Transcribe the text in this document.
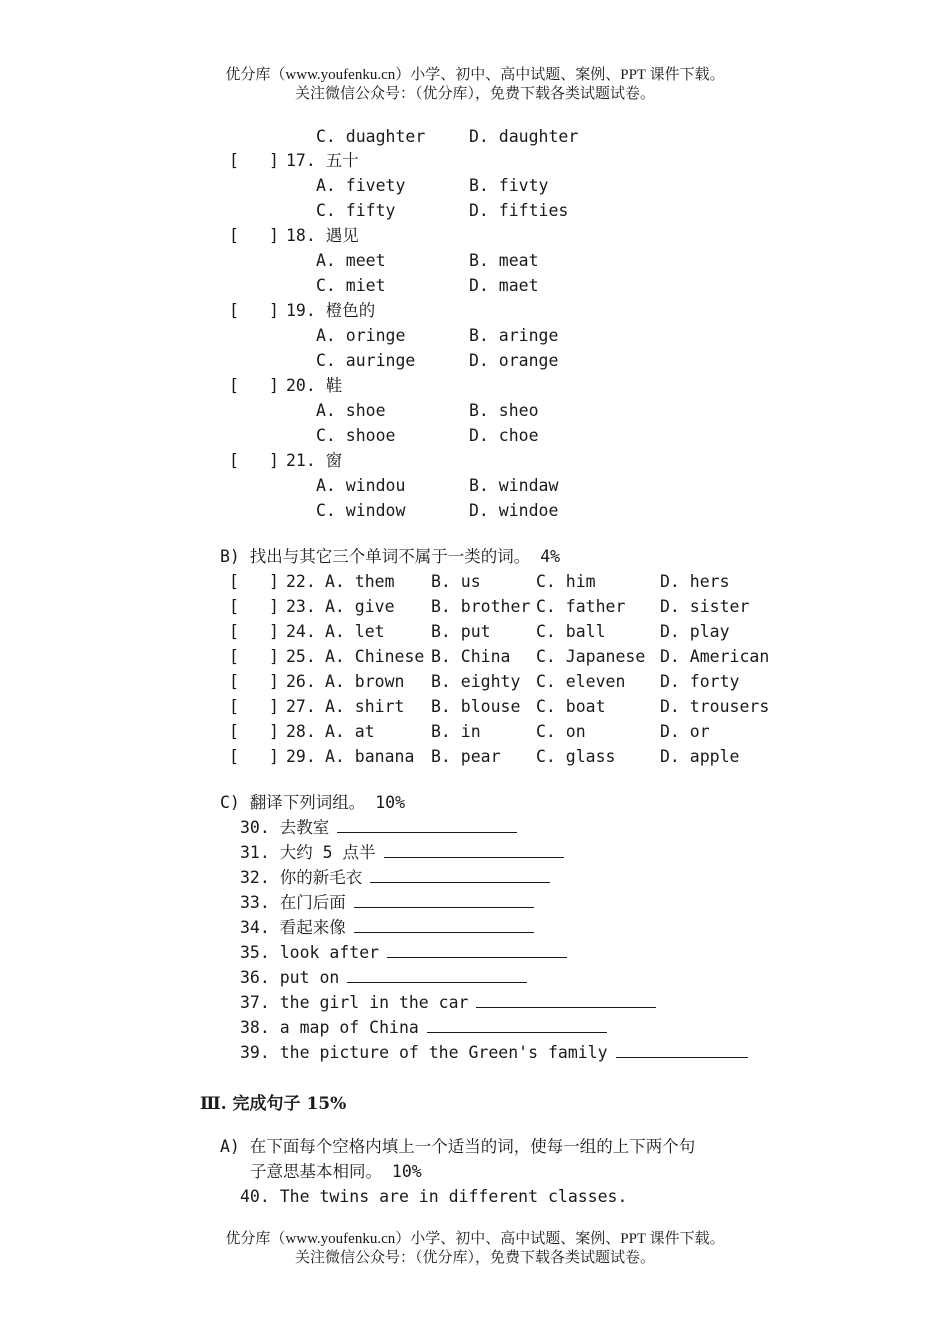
优分库（www.youfenku.cn）小学、初中、高中试题、案例、PPT 课件下载。
关注微信公众号：（优分库），免费下载各类试题试卷。
C. duaghter	D. daughter
[ ] 17. 五十
A. fivety	B. fivty
C. fifty	D. fifties
[ ] 18. 遇见
A. meet	B. meat
C. miet	D. maet
[ ] 19. 橙色的
A. oringe	B. aringe
C. auringe	D. orange
[ ] 20. 鞋
A. shoe	B. sheo
C. shooe	D. choe
[ ] 21. 窗
A. windou	B. windaw
C. window	D. windoe
B) 找出与其它三个单词不属于一类的词。 4%
[ ] 22. A. them B. us	C. him	D. hers
[ ] 23. A. give B. brother C. father D. sister
[ ] 24. A. let	B. put	C. ball	D. play
[ ] 25. A. Chinese B. China C. Japanese D. American
[ ] 26. A. brown B. eighty C. eleven D. forty
[ ] 27. A. shirt B. blouse C. boat	D. trousers
[ ] 28. A. at	B. in	C. on	D. or
[ ] 29. A. banana B. pear C. glass	D. apple
C) 翻译下列词组。 10%
30. 去教室
31. 大约 5 点半
32. 你的新毛衣
33. 在门后面
34. 看起来像
35. look after
36. put on
37. the girl in the car
38. a map of China
39. the picture of the Green's family
Ⅲ. 完成句子 15%
A) 在下面每个空格内填上一个适当的词，使每一组的上下两个句
子意思基本相同。 10%
40. The twins are in different classes.
优分库（www.youfenku.cn）小学、初中、高中试题、案例、PPT 课件下载。
关注微信公众号：（优分库），免费下载各类试题试卷。
